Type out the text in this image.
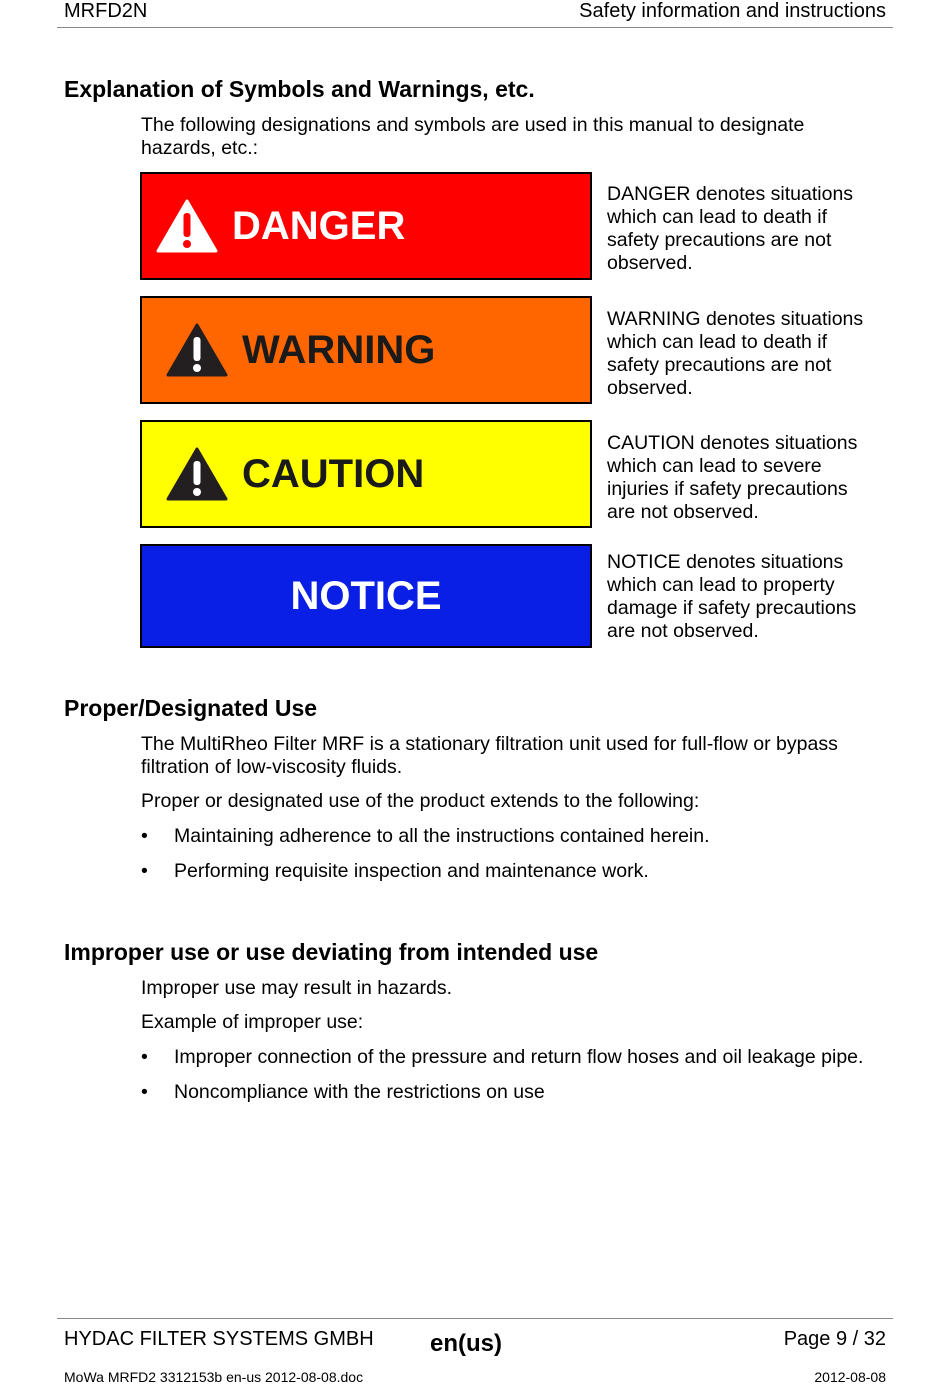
MRFD2N	Safety information and instructions
Explanation of Symbols and Warnings, etc.
The following designations and symbols are used in this manual to designate
hazards, etc.:
DANGER
DANGER denotes situations
which can lead to death if
safety precautions are not
observed.
WARNING
WARNING denotes situations
which can lead to death if
safety precautions are not
observed.
CAUTION
CAUTION denotes situations
which can lead to severe
injuries if safety precautions
are not observed.
NOTICE
NOTICE denotes situations
which can lead to property
damage if safety precautions
are not observed.
Proper/Designated Use
The MultiRheo Filter MRF is a stationary filtration unit used for full-flow or bypass
filtration of low-viscosity fluids.
Proper or designated use of the product extends to the following:
• Maintaining adherence to all the instructions contained herein.
• Performing requisite inspection and maintenance work.
Improper use or use deviating from intended use
Improper use may result in hazards.
Example of improper use:
• Improper connection of the pressure and return flow hoses and oil leakage pipe.
• Noncompliance with the restrictions on use
HYDAC FILTER SYSTEMS GMBH en(us)	Page 9 / 32
MoWa MRFD2 3312153b en-us 2012-08-08.doc	2012-08-08
